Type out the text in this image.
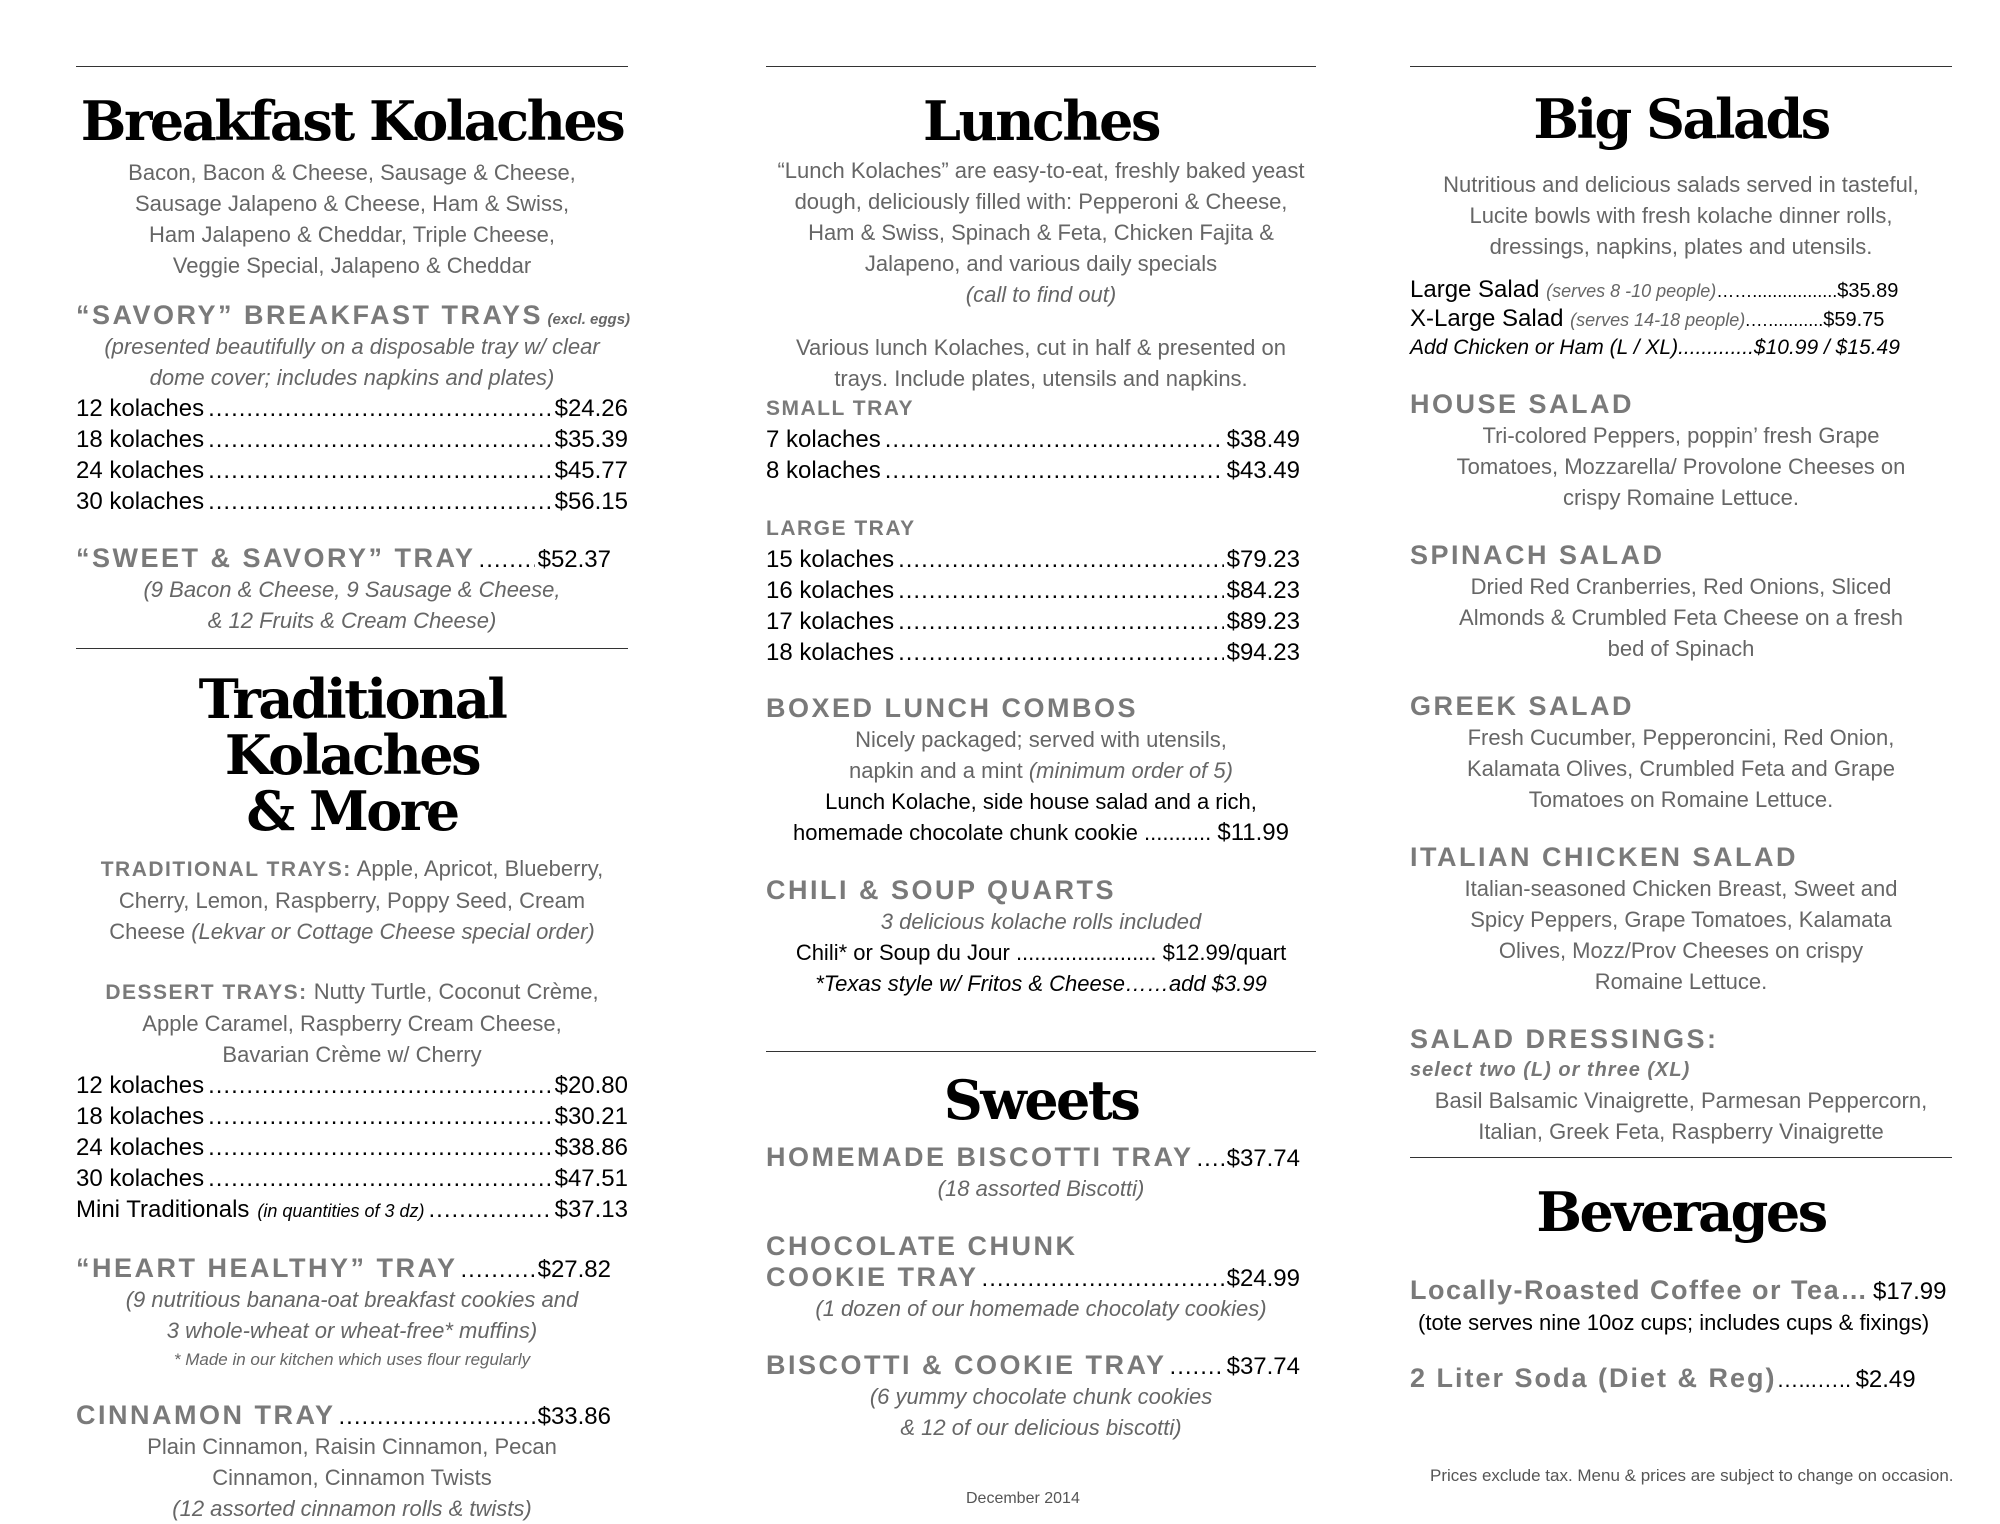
Breakfast Kolaches

Bacon, Bacon & Cheese, Sausage & Cheese,

Sausage Jalapeno & Cheese, Ham & Swiss,

Ham Jalapeno & Cheddar, Triple Cheese,

Veggie Special, Jalapeno & Cheddar

“SAVORY” BREAKFAST TRAYS (excl. eggs)

(presented beautifully on a disposable tray w/ clear

dome cover; includes napkins and plates)

12 kolaches .....	$24.26
18 kolaches .....	$35.39
24 kolaches .....	$45.77
30 kolaches .....	$56.15
“SWEET & SAVORY” TRAY .....	$52.37

(9 Bacon & Cheese, 9 Sausage & Cheese,

& 12 Fruits & Cream Cheese)

Traditional Kolaches
& More

TRADITIONAL TRAYS: Apple, Apricot, Blueberry,

Cherry, Lemon, Raspberry, Poppy Seed, Cream

Cheese (Lekvar or Cottage Cheese special order)

DESSERT TRAYS: Nutty Turtle, Coconut Crème,

Apple Caramel, Raspberry Cream Cheese,

Bavarian Crème w/ Cherry

12 kolaches .....	$20.80
18 kolaches .....	$30.21
24 kolaches .....	$38.86
30 kolaches .....	$47.51
Mini Traditionals (in quantities of 3 dz) .....	$37.13
“HEART HEALTHY” TRAY .....	$27.82

(9 nutritious banana-oat breakfast cookies and

3 whole-wheat or wheat-free* muffins)

* Made in our kitchen which uses flour regularly

CINNAMON TRAY .....	$33.86

Plain Cinnamon, Raisin Cinnamon, Pecan

Cinnamon, Cinnamon Twists

(12 assorted cinnamon rolls & twists)

Lunches

“Lunch Kolaches” are easy-to-eat, freshly baked yeast

dough, deliciously filled with: Pepperoni & Cheese,

Ham & Swiss, Spinach & Feta, Chicken Fajita &

Jalapeno, and various daily specials

(call to find out)

Various lunch Kolaches, cut in half & presented on

trays. Include plates, utensils and napkins.

SMALL TRAY

7 kolaches .....	$38.49
8 kolaches .....	$43.49

LARGE TRAY

15 kolaches .....	$79.23
16 kolaches .....	$84.23
17 kolaches .....	$89.23
18 kolaches .....	$94.23

BOXED LUNCH COMBOS

Nicely packaged; served with utensils,

napkin and a mint (minimum order of 5)

Lunch Kolache, side house salad and a rich,

homemade chocolate chunk cookie ........... $11.99

CHILI & SOUP QUARTS

3 delicious kolache rolls included

Chili* or Soup du Jour ....................... $12.99/quart

*Texas style w/ Fritos & Cheese……add $3.99

Sweets
HOMEMADE BISCOTTI TRAY ..... $37.74

(18 assorted Biscotti)

CHOCOLATE CHUNK

COOKIE TRAY .....	$24.99

(1 dozen of our homemade chocolaty cookies)

BISCOTTI & COOKIE TRAY .....	$37.74

(6 yummy chocolate chunk cookies

& 12 of our delicious biscotti)

December 2014
Big Salads

Nutritious and delicious salads served in tasteful,

Lucite bowls with fresh kolache dinner rolls,

dressings, napkins, plates and utensils.

Large Salad (serves 8 -10 people)…….................$35.89
X-Large Salad (serves 14-18 people).…...........$59.75
Add Chicken or Ham (L / XL).............$10.99 / $15.49

HOUSE SALAD

Tri-colored Peppers, poppin’ fresh Grape

Tomatoes, Mozzarella/ Provolone Cheeses on

crispy Romaine Lettuce.

SPINACH SALAD

Dried Red Cranberries, Red Onions, Sliced

Almonds & Crumbled Feta Cheese on a fresh

bed of Spinach

GREEK SALAD

Fresh Cucumber, Pepperoncini, Red Onion,

Kalamata Olives, Crumbled Feta and Grape

Tomatoes on Romaine Lettuce.

ITALIAN CHICKEN SALAD

Italian-seasoned Chicken Breast, Sweet and

Spicy Peppers, Grape Tomatoes, Kalamata

Olives, Mozz/Prov Cheeses on crispy

Romaine Lettuce.

SALAD DRESSINGS:

select two (L) or three (XL)

Basil Balsamic Vinaigrette, Parmesan Peppercorn,

Italian, Greek Feta, Raspberry Vinaigrette

Beverages
Locally-Roasted Coffee or Tea… $17.99

(tote serves nine 10oz cups; includes cups & fixings)

2 Liter Soda (Diet & Reg)…...….. $2.49
Prices exclude tax. Menu & prices are subject to change on occasion.
